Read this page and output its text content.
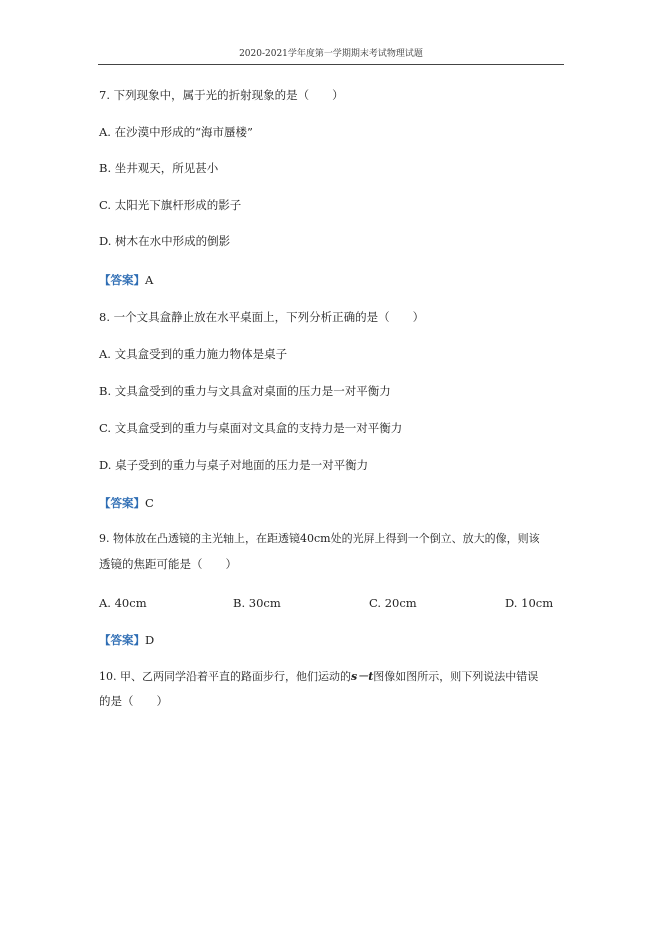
2020-2021学年度第一学期期末考试物理试题
7. 下列现象中，属于光的折射现象的是（　　）
A. 在沙漠中形成的“海市蜃楼”
B. 坐井观天，所见甚小
C. 太阳光下旗杆形成的影子
D. 树木在水中形成的倒影
【答案】A
8. 一个文具盒静止放在水平桌面上，下列分析正确的是（　　）
A. 文具盒受到的重力施力物体是桌子
B. 文具盒受到的重力与文具盒对桌面的压力是一对平衡力
C. 文具盒受到的重力与桌面对文具盒的支持力是一对平衡力
D. 桌子受到的重力与桌子对地面的压力是一对平衡力
【答案】C
9. 物体放在凸透镜的主光轴上，在距透镜40cm处的光屏上得到一个倒立、放大的像，则该
透镜的焦距可能是（　　）
A. 40cm	B. 30cm	C. 20cm	D. 10cm
【答案】D
10. 甲、乙两同学沿着平直的路面步行，他们运动的s－t图像如图所示，则下列说法中错误
的是（　　）
